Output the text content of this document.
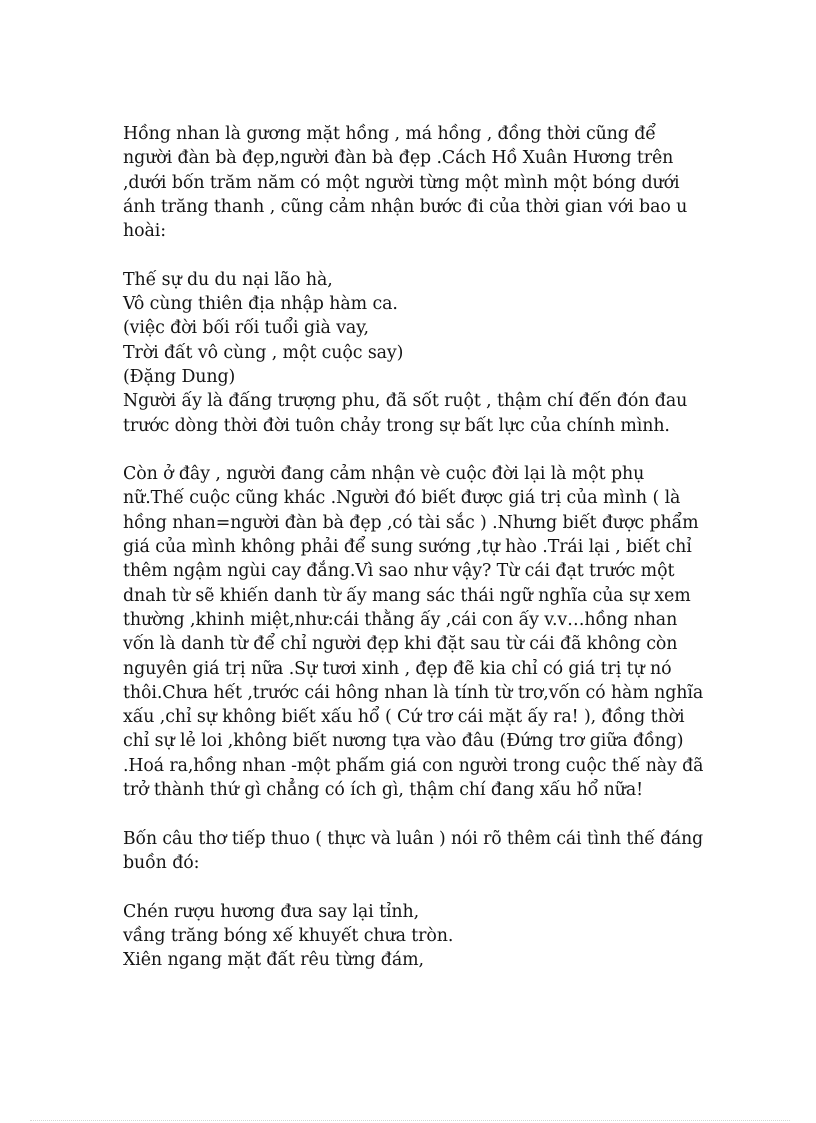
Hồng nhan là gương mặt hồng , má hồng , đồng thời cũng để
người đàn bà đẹp,người đàn bà đẹp .Cách Hồ Xuân Hương trên
,dưới bốn trăm năm có một người từng một mình một bóng dưới
ánh trăng thanh , cũng cảm nhận bước đi của thời gian với bao u
hoài:

Thế sự du du nại lão hà,
Vô cùng thiên địa nhập hàm ca.
(việc đời bối rối tuổi già vay,
Trời đất vô cùng , một cuộc say)
(Đặng Dung)
Người ấy là đấng trượng phu, đã sốt ruột , thậm chí đến đón đau
trước dòng thời đời tuôn chảy trong sự bất lực của chính mình.

Còn ở đây , người đang cảm nhận vè cuộc đời lại là một phụ
nữ.Thế cuộc cũng khác .Người đó biết được giá trị của mình ( là
hồng nhan=người đàn bà đẹp ,có tài sắc ) .Nhưng biết được phẩm
giá của mình không phải để sung sướng ,tự hào .Trái lại , biết chỉ
thêm ngậm ngùi cay đắng.Vì sao như vậy? Từ cái đạt trước một
dnah từ sẽ khiến danh từ ấy mang sác thái ngữ nghĩa của sự xem
thường ,khinh miệt,như:cái thằng ấy ,cái con ấy v.v…hồng nhan
vốn là danh từ để chỉ người đẹp khi đặt sau từ cái đã không còn
nguyên giá trị nữa .Sự tươi xinh , đẹp đẽ kia chỉ có giá trị tự nó
thôi.Chưa hết ,trước cái hông nhan là tính từ trơ,vốn có hàm nghĩa
xấu ,chỉ sự không biết xấu hổ ( Cứ trơ cái mặt ấy ra! ), đồng thời
chỉ sự lẻ loi ,không biết nương tựa vào đâu (Đứng trơ giữa đồng)
.Hoá ra,hồng nhan -một phẩm giá con người trong cuộc thế này đã
trở thành thứ gì chẳng có ích gì, thậm chí đang xấu hổ nữa!

Bốn câu thơ tiếp thuo ( thực và luân ) nói rõ thêm cái tình thế đáng
buồn đó:

Chén rượu hương đưa say lại tỉnh,
vầng trăng bóng xế khuyết chưa tròn.
Xiên ngang mặt đất rêu từng đám,
